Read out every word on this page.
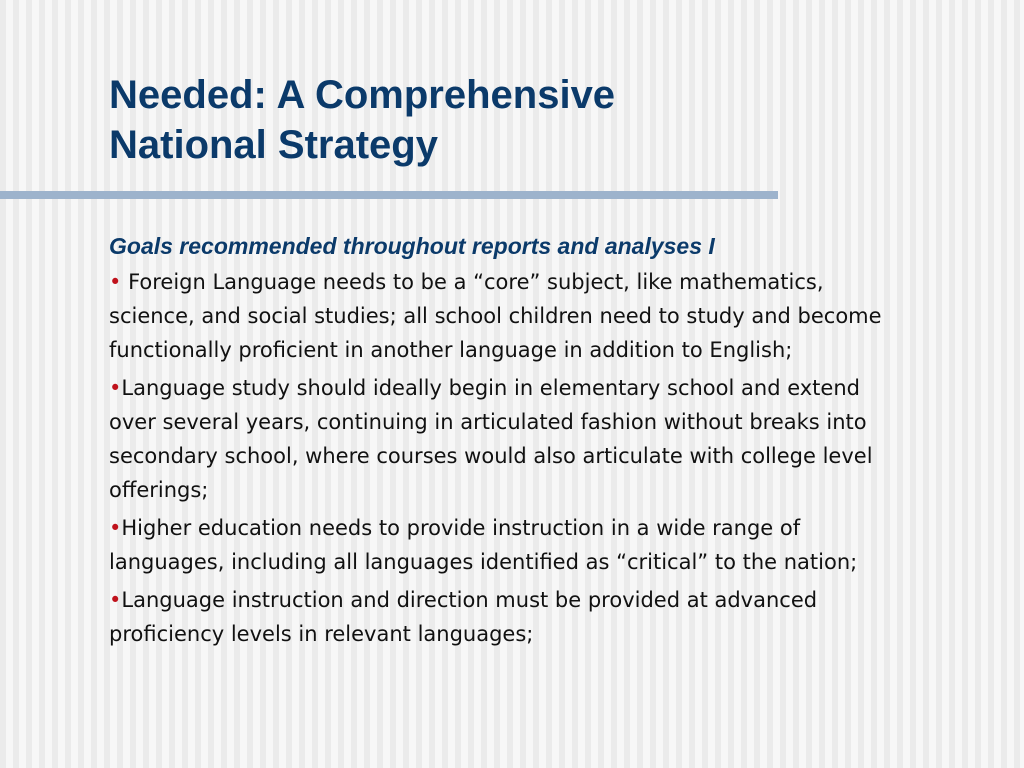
Needed: A Comprehensive
National Strategy
Goals recommended throughout reports and analyses I
• Foreign Language needs to be a “core” subject, like mathematics, science, and social studies; all school children need to study and become functionally proficient in another language in addition to English;
•Language study should ideally begin in elementary school and extend over several years, continuing in articulated fashion without breaks into secondary school, where courses would also articulate with college level offerings;
•Higher education needs to provide instruction in a wide range of languages, including all languages identified as “critical” to the nation;
•Language instruction and direction must be provided at advanced proficiency levels in relevant languages;
